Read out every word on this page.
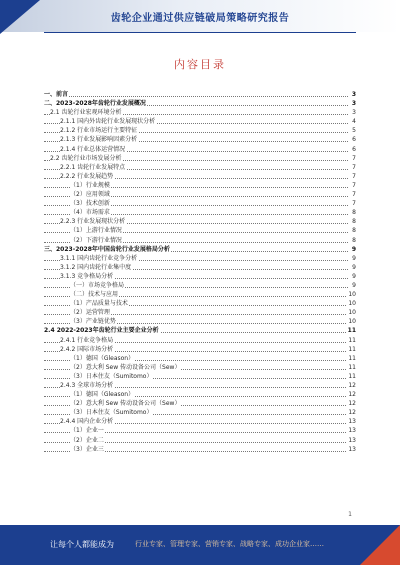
齿轮企业通过供应链破局策略研究报告
内容目录
一、前言	3
二、2023-2028年齿轮行业发展概况	3
2.1 齿轮行业宏观环境分析	3
2.1.1 国内外齿轮行业发展现状分析	4
2.1.2 行业市场运行主要特征	5
2.1.3 行业发展影响因素分析	6
2.1.4 行业总体运营情况	6
2.2 齿轮行业市场发展分析	7
2.2.1 齿轮行业发展特点	7
2.2.2 行业发展趋势	7
（1）行业规模	7
（2）应用领域	7
（3）技术创新	7
（4）市场需求	8
2.2.3 行业发展现状分析	8
（1）上游行业情况	8
（2）下游行业情况	8
三、2023-2028年中国齿轮行业发展格局分析	9
3.1.1 国内齿轮行业竞争分析	9
3.1.2 国内齿轮行业集中度	9
3.1.3 竞争格局分析	9
（一）市场竞争格局	9
（二）技术与应用	10
（1）产品质量与技术	10
（2）运营管理	10
（3）产业链优势	10
2.4 2022-2023年齿轮行业主要企业分析	11
2.4.1 行业竞争格局	11
2.4.2 国际市场分析	11
（1）德国（Gleason）	11
（2）意大利 Sew 传动设备公司（Sew）	11
（3）日本住友（Sumitomo）	11
2.4.3 全球市场分析	12
（1）德国（Gleason）	12
（2）意大利 Sew 传动设备公司（Sew）	12
（3）日本住友（Sumitomo）	12
2.4.4 国内企业分析	13
（1）企业一	13
（2）企业二	13
（3）企业三	13
1
让每个人都能成为	行业专家、管理专家、营销专家、战略专家、成功企业家……
